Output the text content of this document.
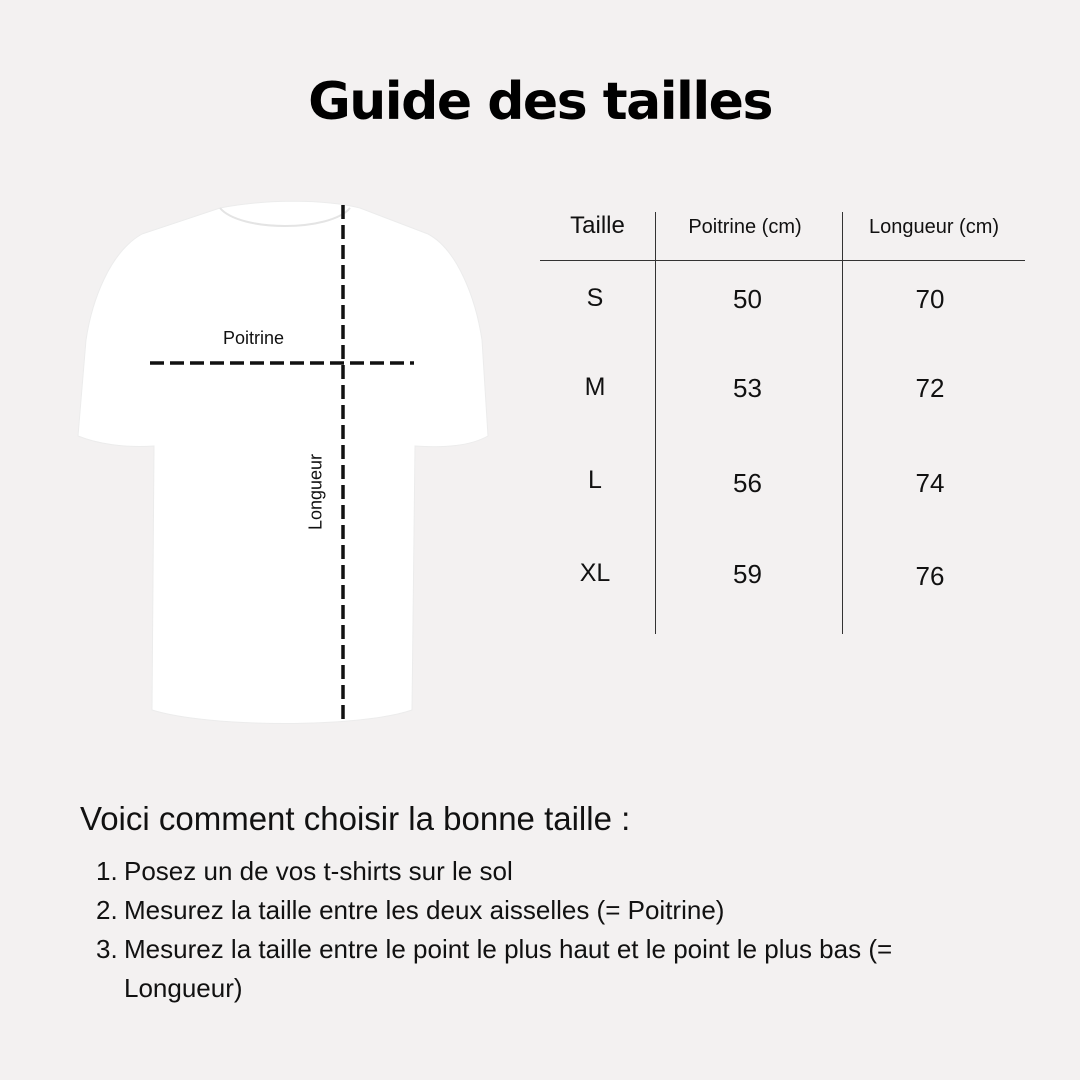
Guide des tailles
Poitrine
Longueur
Taille	Poitrine (cm)	Longueur (cm)
S	50	70
M	53	72
L	56	74
XL	59	76
Voici comment choisir la bonne taille :
1. Posez un de vos t-shirts sur le sol
2. Mesurez la taille entre les deux aisselles (= Poitrine)
3. Mesurez la taille entre le point le plus haut et le point le plus bas (= Longueur)
